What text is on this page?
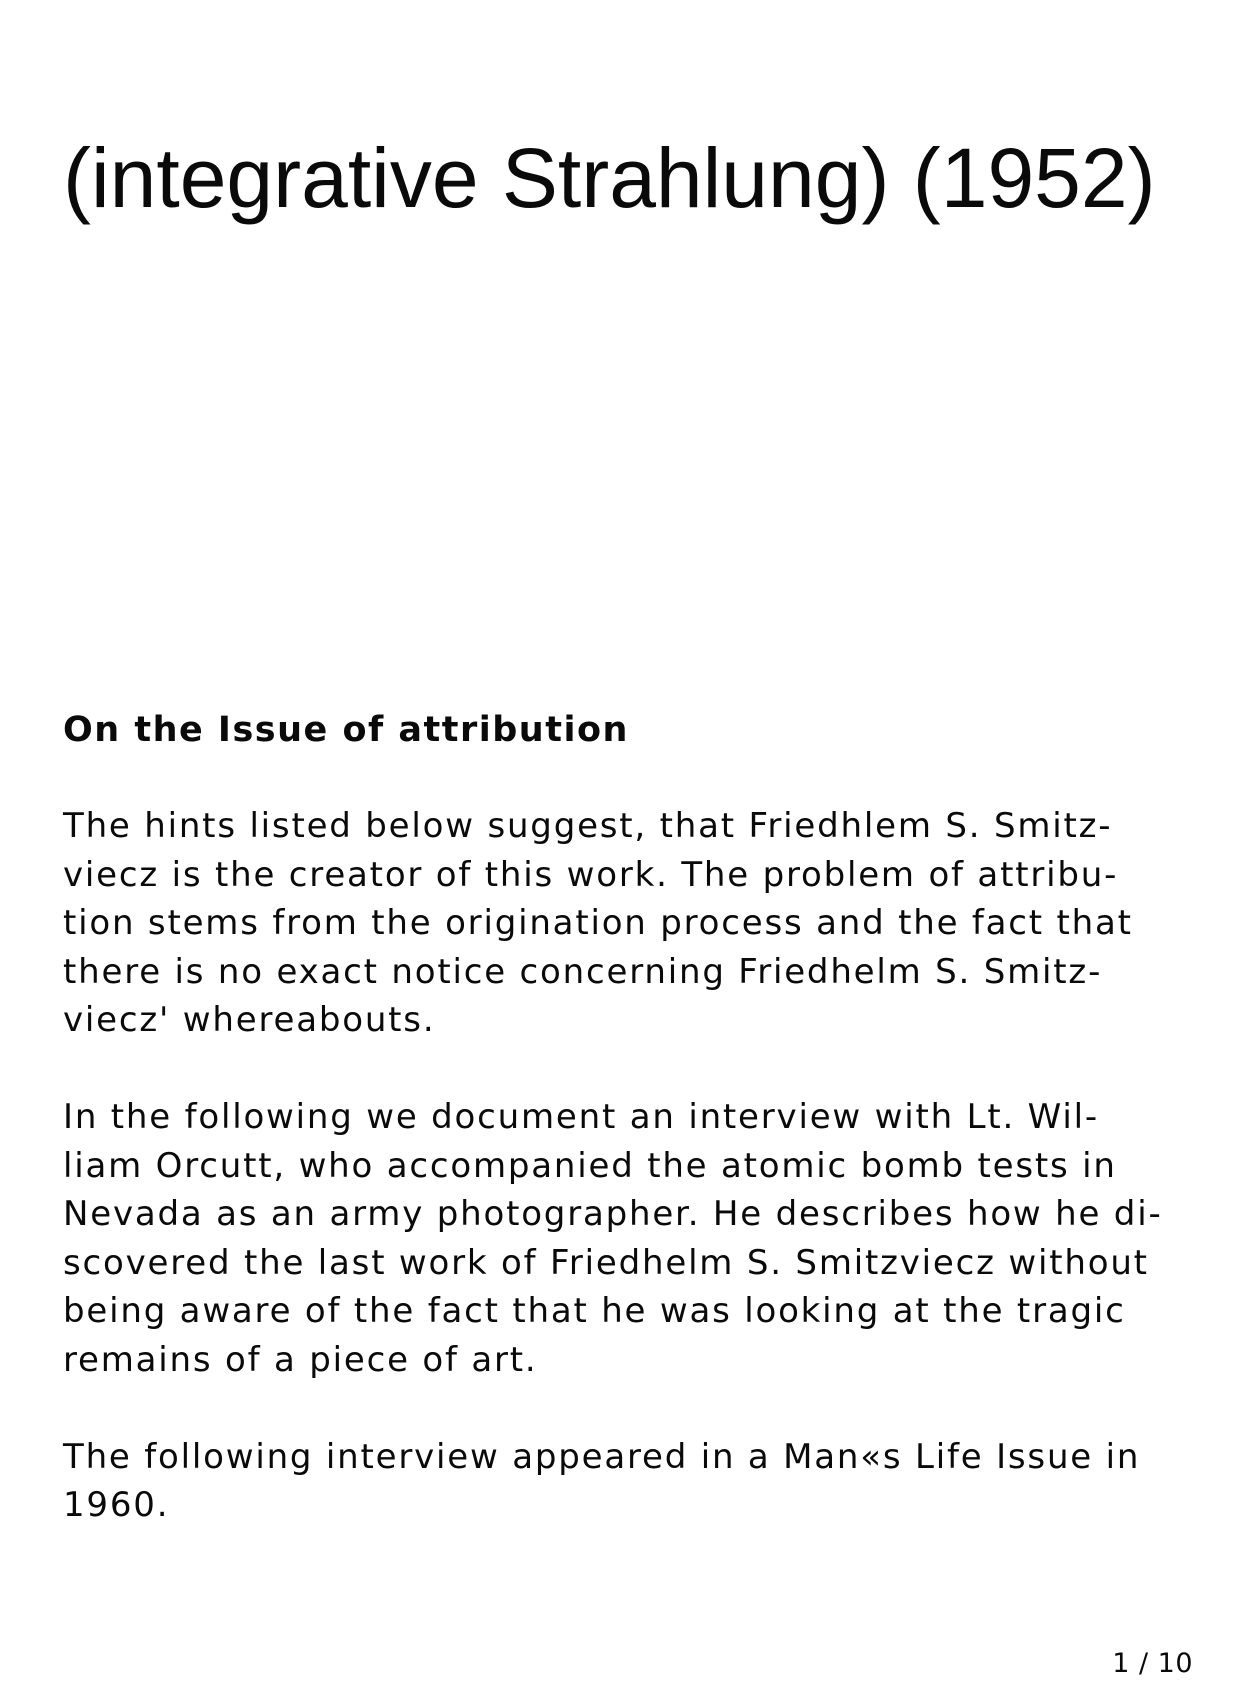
(integrative Strahlung) (1952)
On the Issue of attribution

The hints listed below suggest, that Friedhlem S. Smitz-
viecz is the creator of this work. The problem of attribu-
tion stems from the origination process and the fact that
there is no exact notice concerning Friedhelm S. Smitz-
viecz' whereabouts.

In the following we document an interview with Lt. Wil-
liam Orcutt, who accompanied the atomic bomb tests in
Nevada as an army photographer. He describes how he di-
scovered the last work of Friedhelm S. Smitzviecz without
being aware of the fact that he was looking at the tragic
remains of a piece of art.

The following interview appeared in a Man«s Life Issue in
1960.

1 / 10
